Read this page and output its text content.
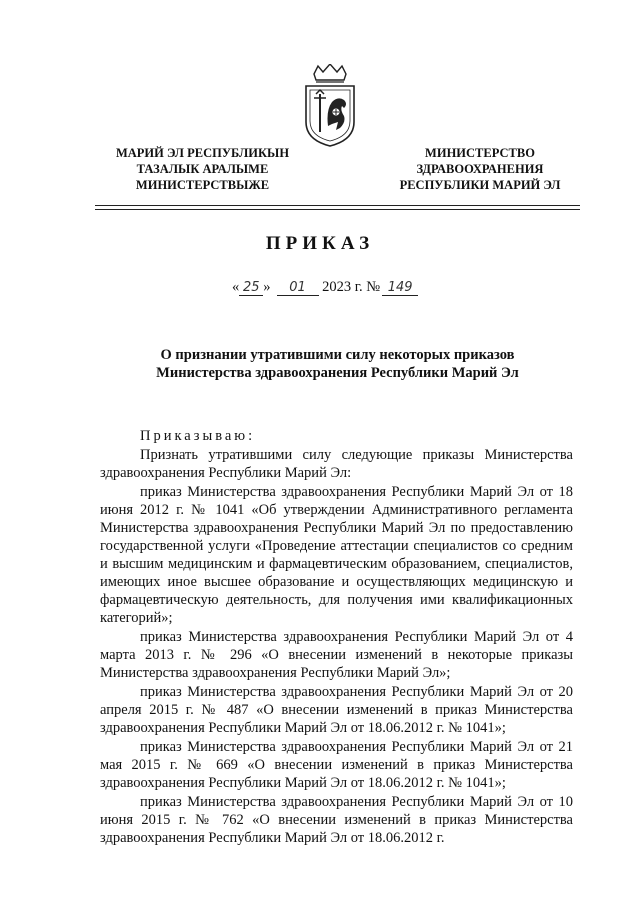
МАРИЙ ЭЛ РЕСПУБЛИКЫН
ТАЗАЛЫК АРАЛЫМЕ
МИНИСТЕРСТВЫЖЕ
МИНИСТЕРСТВО
ЗДРАВООХРАНЕНИЯ
РЕСПУБЛИКИ МАРИЙ ЭЛ
ПРИКАЗ
« 25 » 01 2023 г. № 149
О признании утратившими силу некоторых приказов
Министерства здравоохранения Республики Марий Эл
Приказываю:

Признать утратившими силу следующие приказы Министерства здравоохранения Республики Марий Эл:

приказ Министерства здравоохранения Республики Марий Эл от 18 июня 2012 г. № 1041 «Об утверждении Административного регламента Министерства здравоохранения Республики Марий Эл по предоставлению государственной услуги «Проведение аттестации специалистов со средним и высшим медицинским и фармацевтическим образованием, специалистов, имеющих иное высшее образование и осуществляющих медицинскую и фармацевтическую деятельность, для получения ими квалификационных категорий»;

приказ Министерства здравоохранения Республики Марий Эл от 4 марта 2013 г. № 296 «О внесении изменений в некоторые приказы Министерства здравоохранения Республики Марий Эл»;

приказ Министерства здравоохранения Республики Марий Эл от 20 апреля 2015 г. № 487 «О внесении изменений в приказ Министерства здравоохранения Республики Марий Эл от 18.06.2012 г. № 1041»;

приказ Министерства здравоохранения Республики Марий Эл от 21 мая 2015 г. № 669 «О внесении изменений в приказ Министерства здравоохранения Республики Марий Эл от 18.06.2012 г. № 1041»;

приказ Министерства здравоохранения Республики Марий Эл от 10 июня 2015 г. № 762 «О внесении изменений в приказ Министерства здравоохранения Республики Марий Эл от 18.06.2012 г.
